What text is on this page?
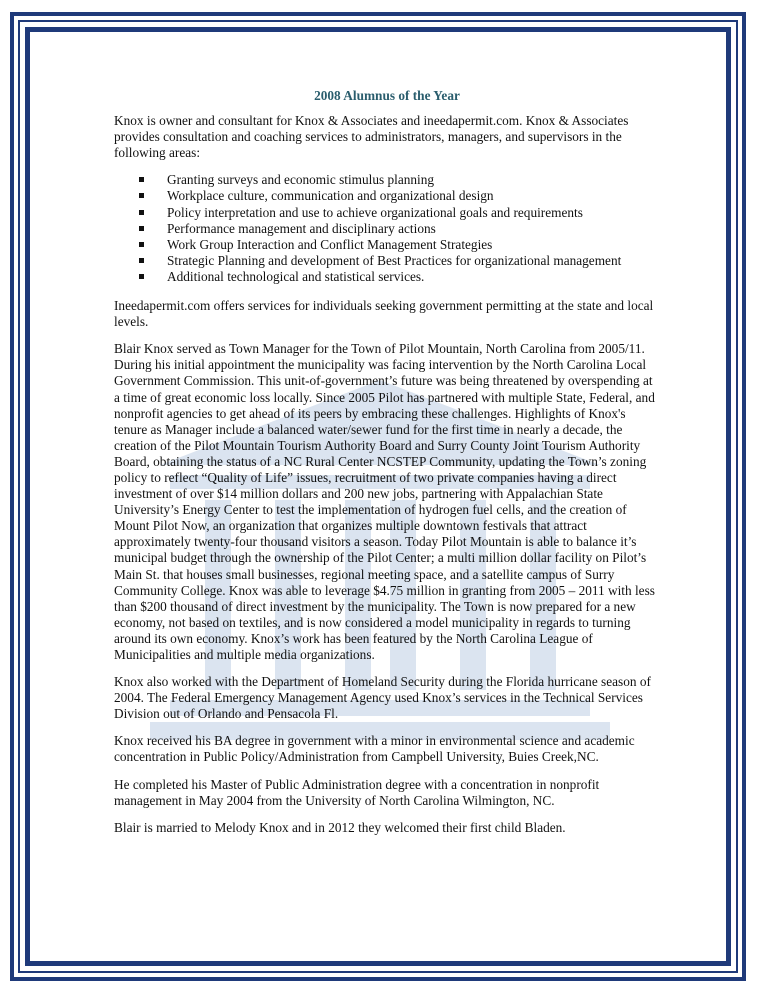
2008 Alumnus of the Year

Knox is owner and consultant for Knox & Associates and ineedapermit.com. Knox & Associates provides consultation and coaching services to administrators, managers, and supervisors in the following areas:

Granting surveys and economic stimulus planning
Workplace culture, communication and organizational design
Policy interpretation and use to achieve organizational goals and requirements
Performance management and disciplinary actions
Work Group Interaction and Conflict Management Strategies
Strategic Planning and development of Best Practices for organizational management
Additional technological and statistical services.

Ineedapermit.com offers services for individuals seeking government permitting at the state and local levels.

Blair Knox served as Town Manager for the Town of Pilot Mountain, North Carolina from 2005/11. During his initial appointment the municipality was facing intervention by the North Carolina Local Government Commission. This unit-of-government’s future was being threatened by overspending at a time of great economic loss locally. Since 2005 Pilot has partnered with multiple State, Federal, and nonprofit agencies to get ahead of its peers by embracing these challenges. Highlights of Knox's tenure as Manager include a balanced water/sewer fund for the first time in nearly a decade, the creation of the Pilot Mountain Tourism Authority Board and Surry County Joint Tourism Authority Board, obtaining the status of a NC Rural Center NCSTEP Community, updating the Town’s zoning policy to reflect “Quality of Life” issues, recruitment of two private companies having a direct investment of over $14 million dollars and 200 new jobs, partnering with Appalachian State University’s Energy Center to test the implementation of hydrogen fuel cells, and the creation of Mount Pilot Now, an organization that organizes multiple downtown festivals that attract approximately twenty-four thousand visitors a season. Today Pilot Mountain is able to balance it’s municipal budget through the ownership of the Pilot Center; a multi million dollar facility on Pilot’s Main St. that houses small businesses, regional meeting space, and a satellite campus of Surry Community College. Knox was able to leverage $4.75 million in granting from 2005 – 2011 with less than $200 thousand of direct investment by the municipality. The Town is now prepared for a new economy, not based on textiles, and is now considered a model municipality in regards to turning around its own economy. Knox’s work has been featured by the North Carolina League of Municipalities and multiple media organizations.

Knox also worked with the Department of Homeland Security during the Florida hurricane season of 2004. The Federal Emergency Management Agency used Knox’s services in the Technical Services Division out of Orlando and Pensacola Fl.

Knox received his BA degree in government with a minor in environmental science and academic concentration in Public Policy/Administration from Campbell University, Buies Creek,NC.

He completed his Master of Public Administration degree with a concentration in nonprofit management in May 2004 from the University of North Carolina Wilmington, NC.

Blair is married to Melody Knox and in 2012 they welcomed their first child Bladen.
